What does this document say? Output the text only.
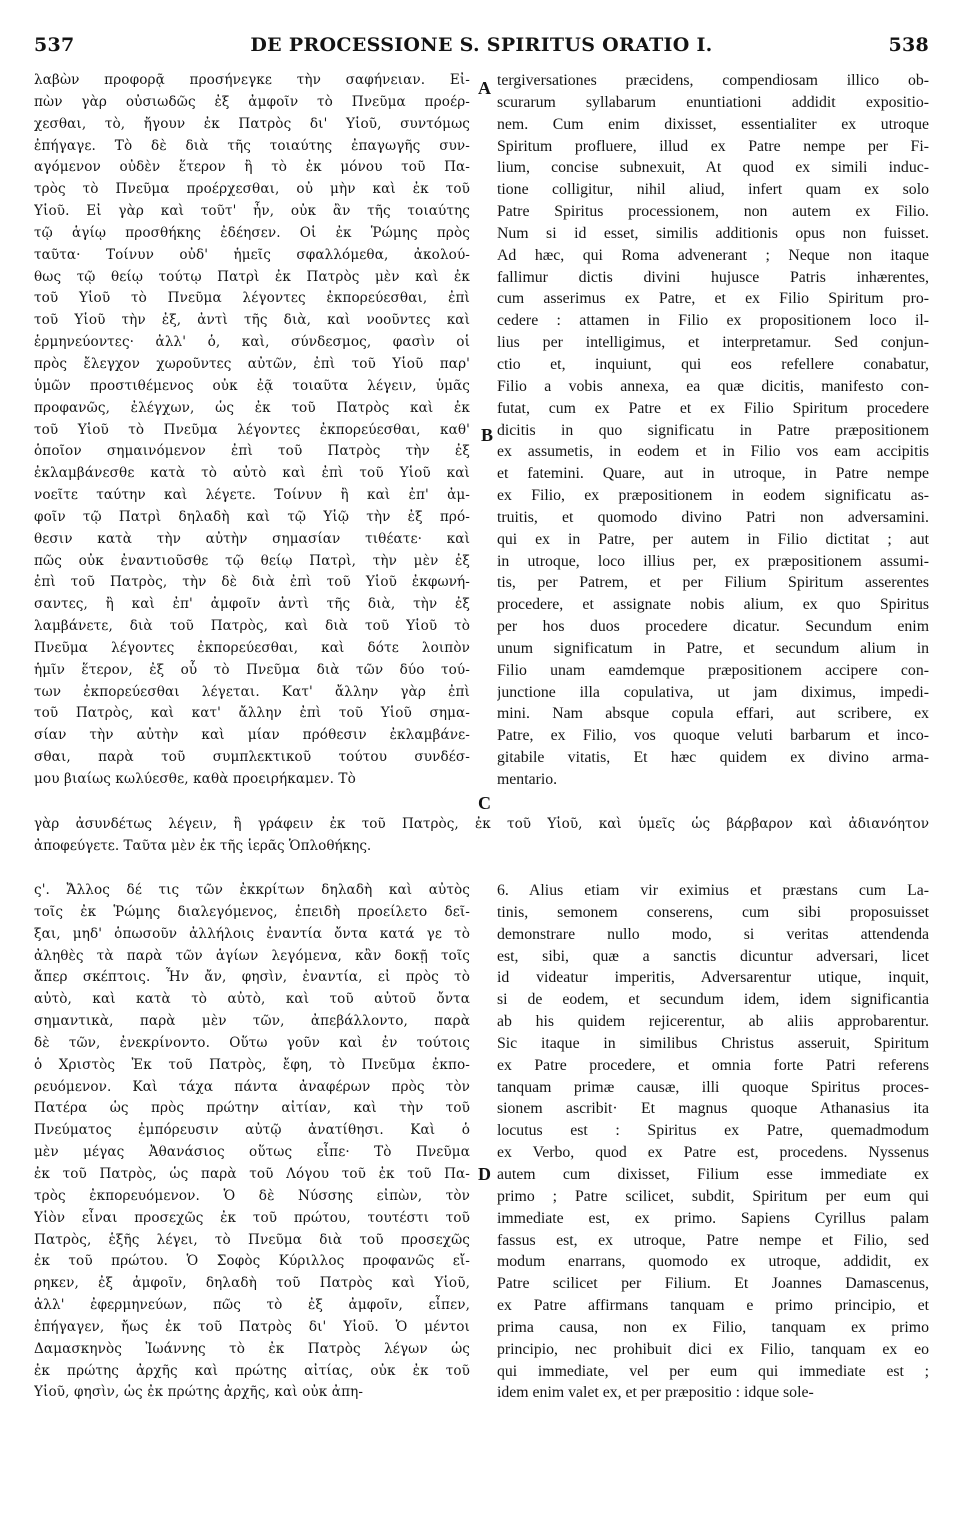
537	DE PROCESSIONE S. SPIRITUS ORATIO I.	538
λαβὼν προφορᾷ προσήνεγκε τὴν σαφήνειαν. Εἰ-
πὼν γὰρ οὐσιωδῶς ἐξ ἀμφοῖν τὸ Πνεῦμα προέρ-
χεσθαι, τὸ, ἤγουν ἐκ Πατρὸς δι' Υἱοῦ, συντόμως
ἐπήγαγε. Τὸ δὲ διὰ τῆς τοιαύτης ἐπαγωγῆς συν-
αγόμενον οὐδὲν ἕτερον ἢ τὸ ἐκ μόνου τοῦ Πα-
τρὸς τὸ Πνεῦμα προέρχεσθαι, οὐ μὴν καὶ ἐκ τοῦ
Υἱοῦ. Εἰ γὰρ καὶ τοῦτ' ἦν, οὐκ ἂν τῆς τοιαύτης
τῷ ἁγίῳ προσθήκης ἐδέησεν. Οἱ ἐκ Ῥώμης πρὸς
ταῦτα· Τοίνυν οὐδ' ἡμεῖς σφαλλόμεθα, ἀκολού-
θως τῷ θείῳ τούτῳ Πατρὶ ἐκ Πατρὸς μὲν καὶ ἐκ
τοῦ Υἱοῦ τὸ Πνεῦμα λέγοντες ἐκπορεύεσθαι, ἐπὶ
τοῦ Υἱοῦ τὴν ἐξ, ἀντὶ τῆς διὰ, καὶ νοοῦντες καὶ
ἑρμηνεύοντες· ἀλλ' ὁ, καὶ, σύνδεσμος, φασὶν οἱ
πρὸς ἔλεγχον χωροῦντες αὐτῶν, ἐπὶ τοῦ Υἱοῦ παρ'
ὑμῶν προστιθέμενος οὐκ ἐᾷ τοιαῦτα λέγειν, ὑμᾶς
προφανῶς, ἐλέγχων, ὡς ἐκ τοῦ Πατρὸς καὶ ἐκ
τοῦ Υἱοῦ τὸ Πνεῦμα λέγοντες ἐκπορεύεσθαι, καθ'
ὁποῖον σημαινόμενον ἐπὶ τοῦ Πατρὸς τὴν ἐξ
ἐκλαμβάνεσθε κατὰ τὸ αὐτὸ καὶ ἐπὶ τοῦ Υἱοῦ καὶ
νοεῖτε ταύτην καὶ λέγετε. Τοίνυν ἢ καὶ ἐπ' ἀμ-
φοῖν τῷ Πατρὶ δηλαδὴ καὶ τῷ Υἱῷ τὴν ἐξ πρό-
θεσιν κατὰ τὴν αὐτὴν σημασίαν τιθέατε· καὶ
πῶς οὐκ ἐναντιοῦσθε τῷ θείῳ Πατρὶ, τὴν μὲν ἐξ
ἐπὶ τοῦ Πατρὸς, τὴν δὲ διὰ ἐπὶ τοῦ Υἱοῦ ἐκφωνή-
σαντες, ἢ καὶ ἐπ' ἀμφοῖν ἀντὶ τῆς διὰ, τὴν ἐξ
λαμβάνετε, διὰ τοῦ Πατρὸς, καὶ διὰ τοῦ Υἱοῦ τὸ
Πνεῦμα λέγοντες ἐκπορεύεσθαι, καὶ δότε λοιπὸν
ἡμῖν ἕτερον, ἐξ οὗ τὸ Πνεῦμα διὰ τῶν δύο τού-
των ἐκπορεύεσθαι λέγεται. Κατ' ἄλλην γὰρ ἐπὶ
τοῦ Πατρὸς, καὶ κατ' ἄλλην ἐπὶ τοῦ Υἱοῦ σημα-
σίαν τὴν αὐτὴν καὶ μίαν πρόθεσιν ἐκλαμβάνε-
σθαι, παρὰ τοῦ συμπλεκτικοῦ τούτου συνδέσ-
μου βιαίως κωλύεσθε, καθὰ προειρήκαμεν. Τὸ
tergiversationes præcidens, compendiosam illico ob-
scurarum syllabarum enuntiationi addidit expositio-
nem. Cum enim dixisset, essentialiter ex utroque
Spiritum profluere, illud ex Patre nempe per Fi-
lium, concise subnexuit, At quod ex simili induc-
tione colligitur, nihil aliud, infert quam ex solo
Patre Spiritus processionem, non autem ex Filio.
Num si id esset, similis additionis opus non fuisset.
Ad hæc, qui Roma advenerant ; Neque non itaque
fallimur dictis divini hujusce Patris inhærentes,
cum asserimus ex Patre, et ex Filio Spiritum pro-
cedere : attamen in Filio ex propositionem loco il-
lius per intelligimus, et interpretamur. Sed conjun-
ctio et, inquiunt, qui eos refellere conabatur,
Filio a vobis annexa, ea quæ dicitis, manifesto con-
futat, cum ex Patre et ex Filio Spiritum procedere
dicitis in quo significatu in Patre præpositionem
ex assumetis, in eodem et in Filio vos eam accipitis
et fatemini. Quare, aut in utroque, in Patre nempe
ex Filio, ex præpositionem in eodem significatu as-
truitis, et quomodo divino Patri non adversamini.
qui ex in Patre, per autem in Filio dictitat ; aut
in utroque, loco illius per, ex præpositionem assumi-
tis, per Patrem, et per Filium Spiritum asserentes
procedere, et assignate nobis alium, ex quo Spiritus
per hos duos procedere dicatur. Secundum enim
unum significatum in Patre, et secundum alium in
Filio unam eamdemque præpositionem accipere con-
junctione illa copulativa, ut jam diximus, impedi-
mini. Nam absque copula effari, aut scribere, ex
Patre, ex Filio, vos quoque veluti barbarum et inco-
gitabile vitatis, Et hæc quidem ex divino arma-
mentario.
A
B
C
γὰρ ἀσυνδέτως λέγειν, ἢ γράφειν ἐκ τοῦ Πατρὸς, ἐκ τοῦ Υἱοῦ, καὶ ὑμεῖς ὡς βάρβαρον καὶ ἀδιανόητον
ἀποφεύγετε. Ταῦτα μὲν ἐκ τῆς ἱερᾶς Ὁπλοθήκης.
ς'. Ἄλλος δέ τις τῶν ἐκκρίτων δηλαδὴ καὶ αὐτὸς
τοῖς ἐκ Ῥώμης διαλεγόμενος, ἐπειδὴ προείλετο δεῖ-
ξαι, μηδ' ὁπωσοῦν ἀλλήλοις ἐναντία ὄντα κατά γε τὸ
ἀληθὲς τὰ παρὰ τῶν ἁγίων λεγόμενα, κἂν δοκῇ τοῖς
ἄπερ σκέπτοις. Ἦν ἄν, φησὶν, ἐναντία, εἰ πρὸς τὸ
αὐτὸ, καὶ κατὰ τὸ αὐτὸ, καὶ τοῦ αὐτοῦ ὄντα
σημαντικὰ, παρὰ μὲν τῶν, ἀπεβάλλοντο, παρὰ
δὲ τῶν, ἐνεκρίνοντο. Οὕτω γοῦν καὶ ἐν τούτοις
ὁ Χριστὸς Ἐκ τοῦ Πατρὸς, ἔφη, τὸ Πνεῦμα ἐκπο-
ρευόμενον. Καὶ τάχα πάντα ἀναφέρων πρὸς τὸν
Πατέρα ὡς πρὸς πρώτην αἰτίαν, καὶ τὴν τοῦ
Πνεύματος ἐμπόρευσιν αὐτῷ ἀνατίθησι. Καὶ ὁ
μὲν μέγας Ἀθανάσιος οὕτως εἶπε· Τὸ Πνεῦμα
ἐκ τοῦ Πατρὸς, ὡς παρὰ τοῦ Λόγου τοῦ ἐκ τοῦ Πα-
τρὸς ἐκπορευόμενον. Ὁ δὲ Νύσσης εἰπὼν, τὸν
Υἱὸν εἶναι προσεχῶς ἐκ τοῦ πρώτου, τουτέστι τοῦ
Πατρὸς, ἑξῆς λέγει, τὸ Πνεῦμα διὰ τοῦ προσεχῶς
ἐκ τοῦ πρώτου. Ὁ Σοφὸς Κύριλλος προφανῶς εἴ-
ρηκεν, ἐξ ἀμφοῖν, δηλαδὴ τοῦ Πατρὸς καὶ Υἱοῦ,
ἀλλ' ἐφερμηνεύων, πῶς τὸ ἐξ ἀμφοῖν, εἶπεν,
ἐπήγαγεν, ἤως ἐκ τοῦ Πατρὸς δι' Υἱοῦ. Ὁ μέντοι
Δαμασκηνὸς Ἰωάννης τὸ ἐκ Πατρὸς λέγων ὡς
ἐκ πρώτης ἀρχῆς καὶ πρώτης αἰτίας, οὐκ ἐκ τοῦ
Υἱοῦ, φησὶν, ὡς ἐκ πρώτης ἀρχῆς, καὶ οὐκ ἀπη-
6. Alius etiam vir eximius et præstans cum La-
tinis, semonem conserens, cum sibi proposuisset
demonstrare nullo modo, si veritas attendenda
est, sibi, quæ a sanctis dicuntur adversari, licet
id videatur imperitis, Adversarentur utique, inquit,
si de eodem, et secundum idem, idem significantia
ab his quidem rejicerentur, ab aliis approbarentur.
Sic itaque in similibus Christus asseruit, Spiritum
ex Patre procedere, et omnia forte Patri referens
tanquam primæ causæ, illi quoque Spiritus proces-
sionem ascribit· Et magnus quoque Athanasius ita
locutus est : Spiritus ex Patre, quemadmodum
ex Verbo, quod ex Patre est, procedens. Nyssenus
autem cum dixisset, Filium esse immediate ex
primo ; Patre scilicet, subdit, Spiritum per eum qui
immediate est, ex primo. Sapiens Cyrillus palam
fassus est, ex utroque, Patre nempe et Filio, sed
modum enarrans, quomodo ex utroque, addidit, ex
Patre scilicet per Filium. Et Joannes Damascenus,
ex Patre affirmans tanquam e primo principio, et
prima causa, non ex Filio, tanquam ex primo
principio, nec prohibuit dici ex Filio, tanquam ex eo
qui immediate, vel per eum qui immediate est ;
idem enim valet ex, et per præpositio : idque sole-
D
